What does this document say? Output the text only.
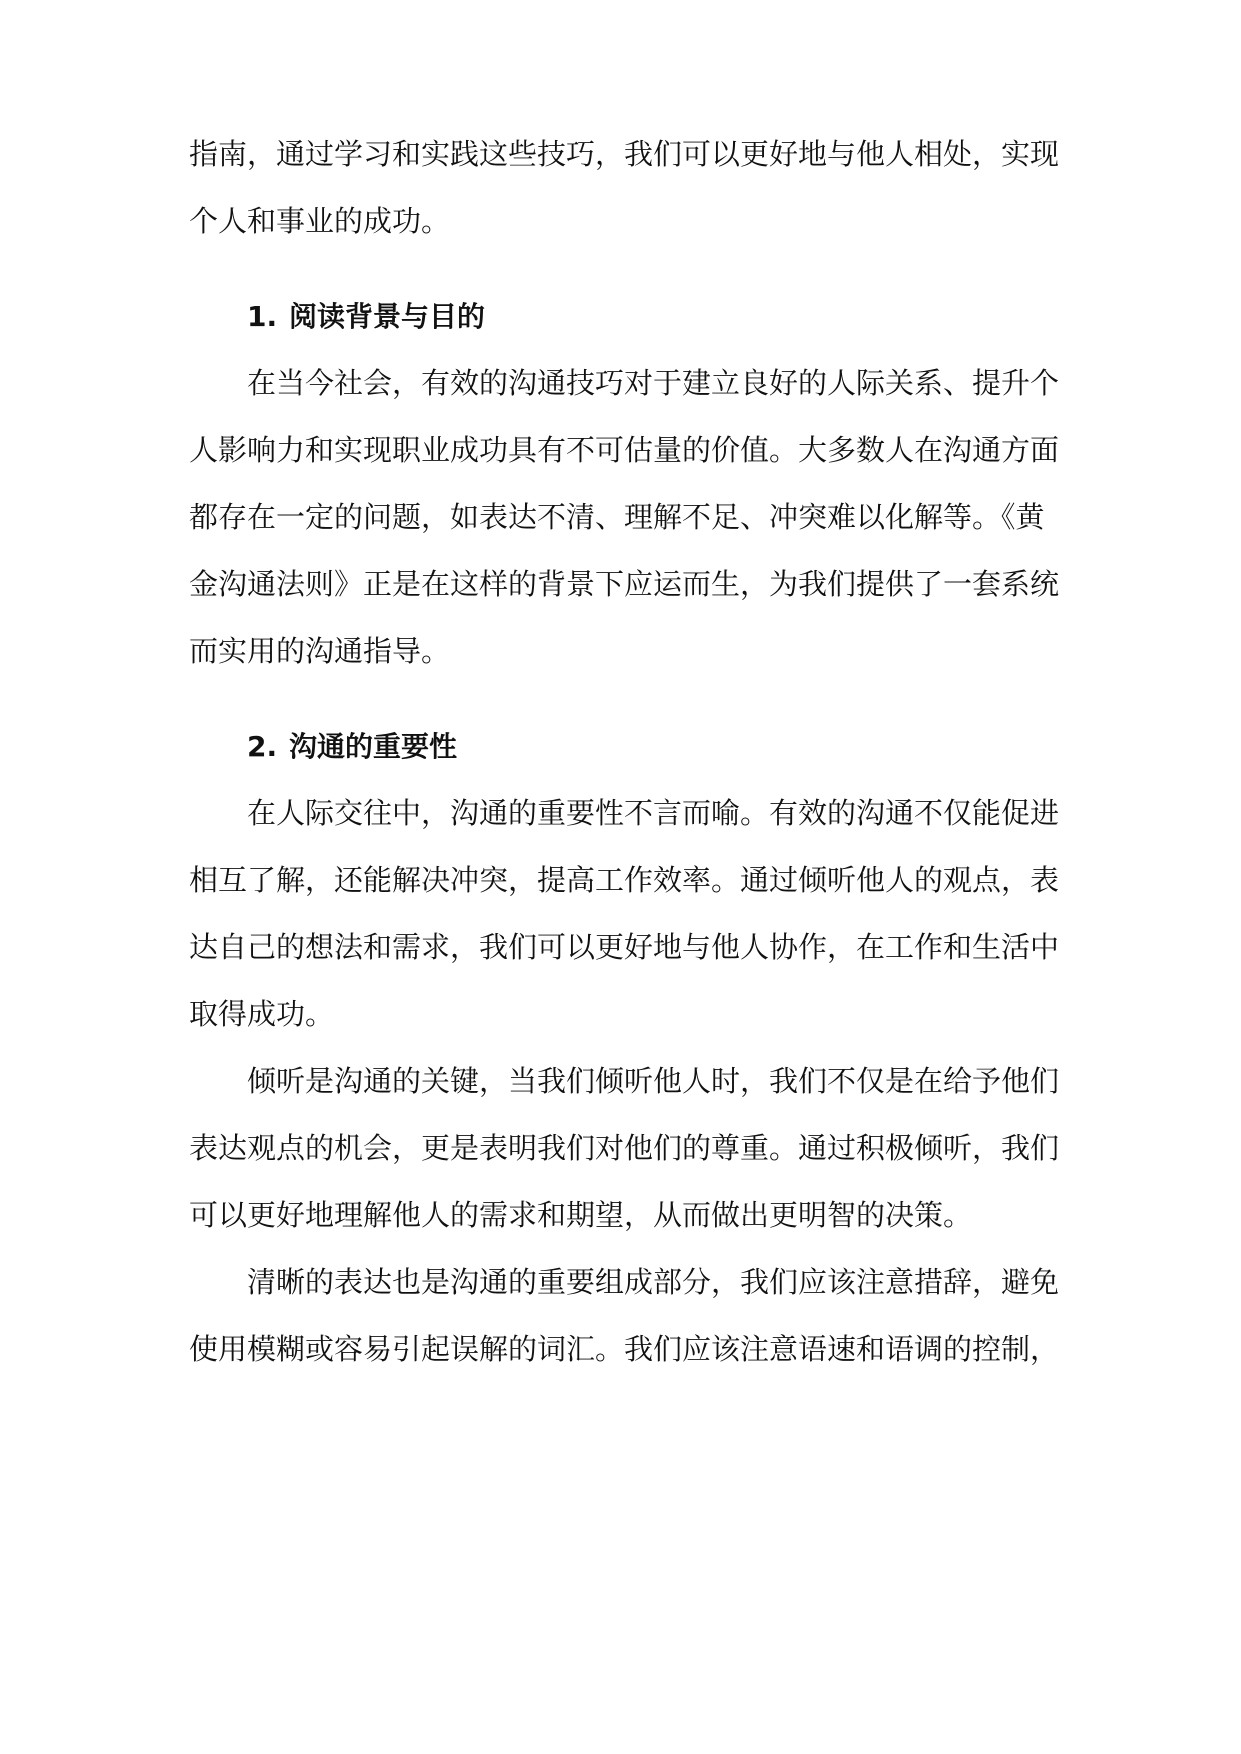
指南，通过学习和实践这些技巧，我们可以更好地与他人相处，实现
个人和事业的成功。
1. 阅读背景与目的
在当今社会，有效的沟通技巧对于建立良好的人际关系、提升个
人影响力和实现职业成功具有不可估量的价值。大多数人在沟通方面
都存在一定的问题，如表达不清、理解不足、冲突难以化解等。《黄
金沟通法则》正是在这样的背景下应运而生，为我们提供了一套系统
而实用的沟通指导。
2. 沟通的重要性
在人际交往中，沟通的重要性不言而喻。有效的沟通不仅能促进
相互了解，还能解决冲突，提高工作效率。通过倾听他人的观点，表
达自己的想法和需求，我们可以更好地与他人协作，在工作和生活中
取得成功。
倾听是沟通的关键，当我们倾听他人时，我们不仅是在给予他们
表达观点的机会，更是表明我们对他们的尊重。通过积极倾听，我们
可以更好地理解他人的需求和期望，从而做出更明智的决策。
清晰的表达也是沟通的重要组成部分，我们应该注意措辞，避免
使用模糊或容易引起误解的词汇。我们应该注意语速和语调的控制，
